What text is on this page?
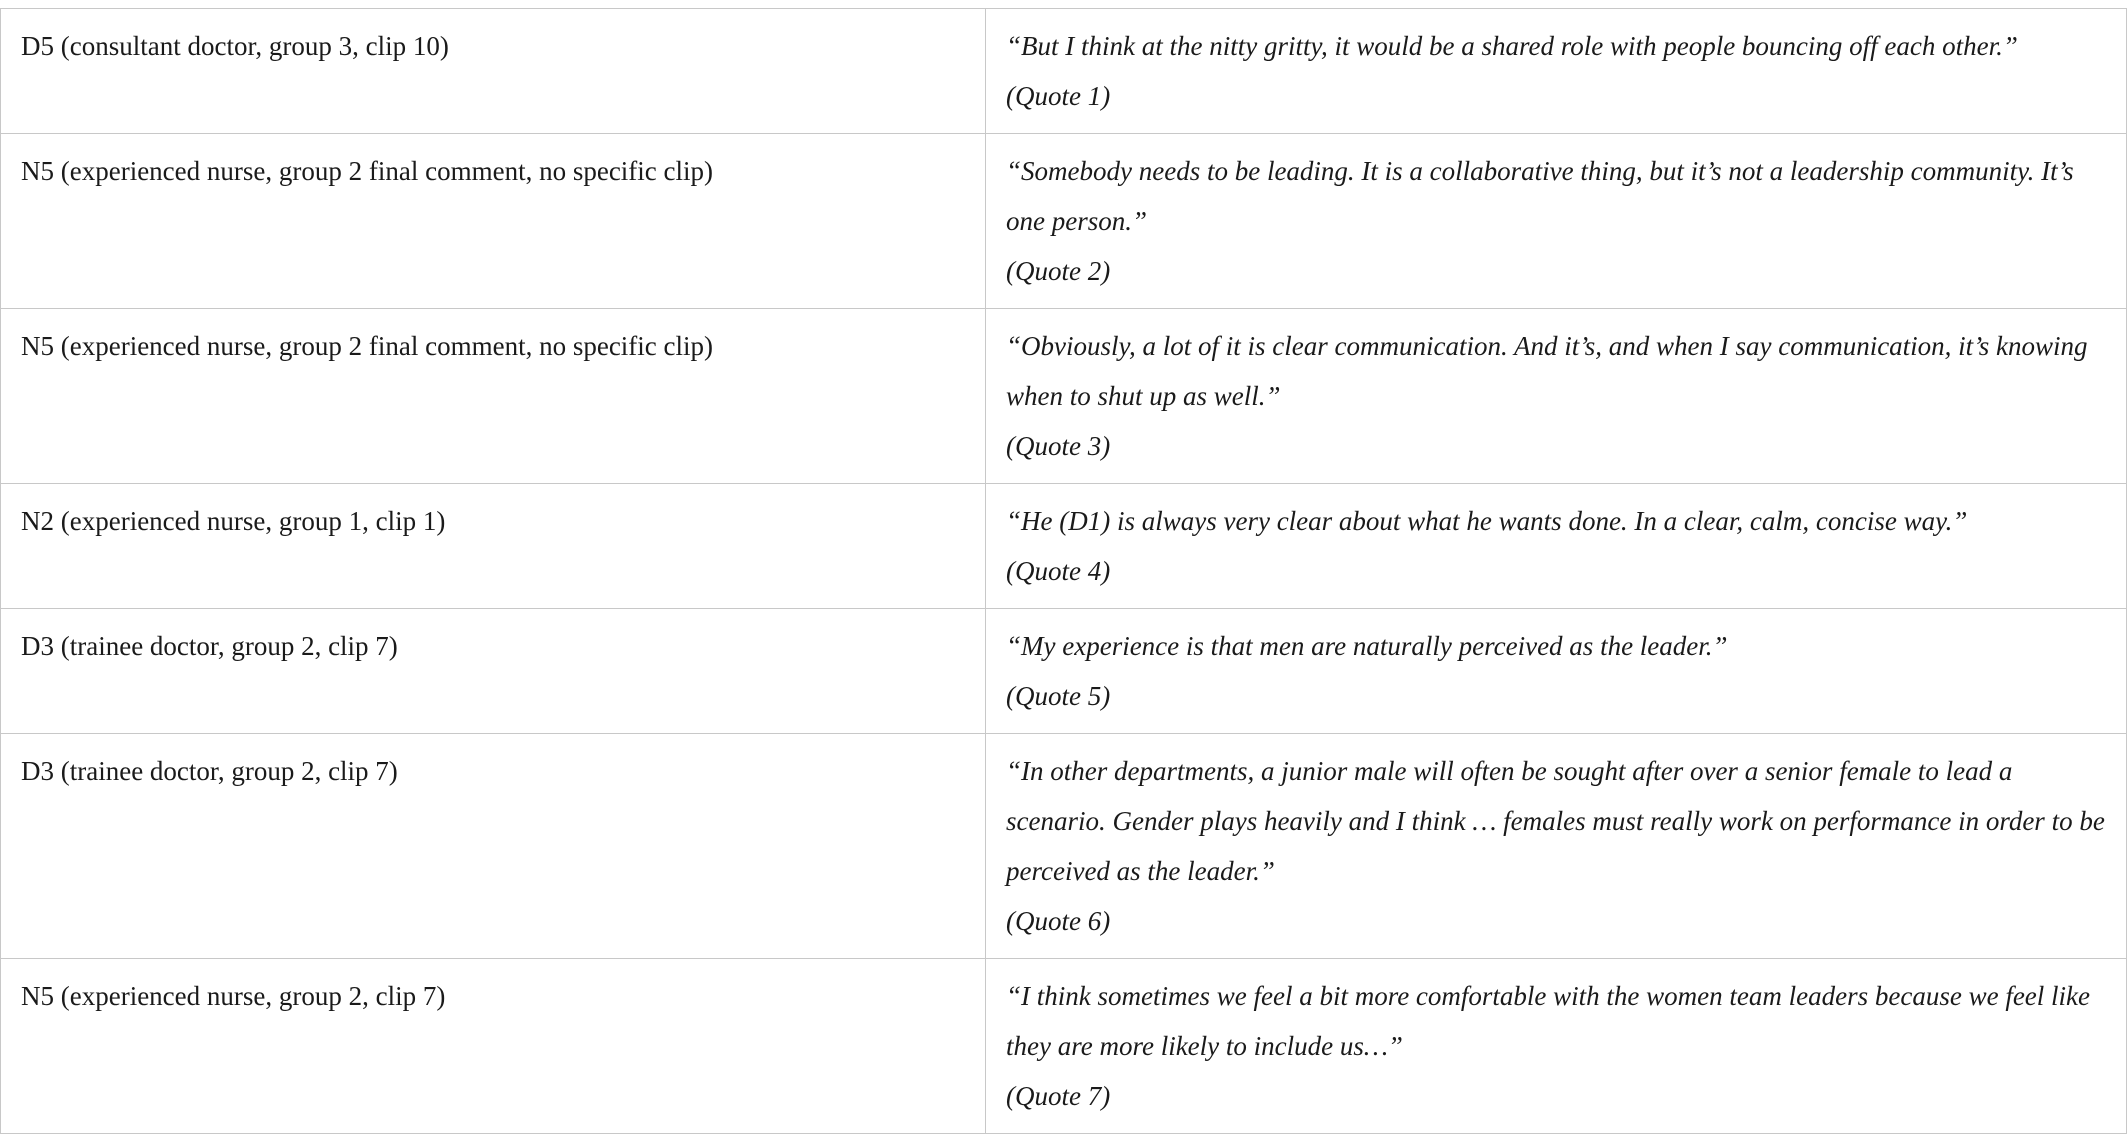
D5 (consultant doctor, group 3, clip 10)	“But I think at the nitty gritty, it would be a shared role with people bouncing off each other.”
(Quote 1)

N5 (experienced nurse, group 2 final comment, no specific clip)	“Somebody needs to be leading. It is a collaborative thing, but it’s not a leadership community. It’s one person.”
(Quote 2)

N5 (experienced nurse, group 2 final comment, no specific clip)	“Obviously, a lot of it is clear communication. And it’s, and when I say communication, it’s knowing when to shut up as well.”
(Quote 3)

N2 (experienced nurse, group 1, clip 1)	“He (D1) is always very clear about what he wants done. In a clear, calm, concise way.”
(Quote 4)

D3 (trainee doctor, group 2, clip 7)	“My experience is that men are naturally perceived as the leader.”
(Quote 5)

D3 (trainee doctor, group 2, clip 7)	“In other departments, a junior male will often be sought after over a senior female to lead a scenario. Gender plays heavily and I think … females must really work on performance in order to be perceived as the leader.”
(Quote 6)

N5 (experienced nurse, group 2, clip 7)	“I think sometimes we feel a bit more comfortable with the women team leaders because we feel like they are more likely to include us…”
(Quote 7)
